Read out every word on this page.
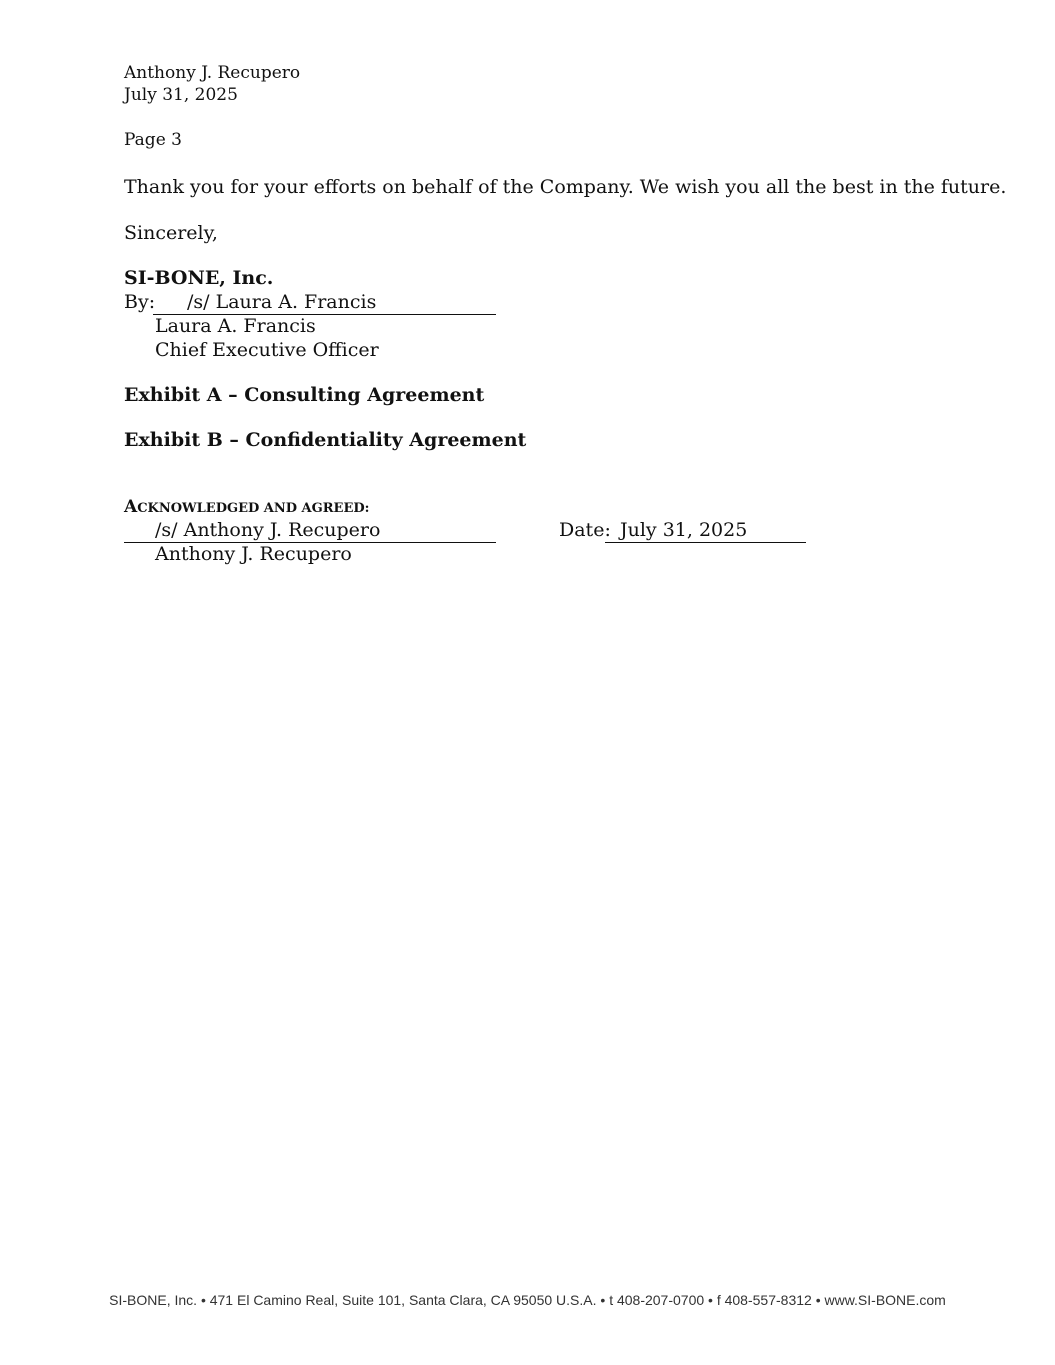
Anthony J. Recupero
July 31, 2025
Page 3
Thank you for your efforts on behalf of the Company. We wish you all the best in the future.
Sincerely,
SI-BONE, Inc.
By: /s/ Laura A. Francis
Laura A. Francis
Chief Executive Officer
Exhibit A – Consulting Agreement
Exhibit B – Confidentiality Agreement
ACKNOWLEDGED AND AGREED:
/s/ Anthony J. Recupero
Anthony J. Recupero
Date: July 31, 2025
SI-BONE, Inc. • 471 El Camino Real, Suite 101, Santa Clara, CA 95050 U.S.A. • t 408-207-0700 • f 408-557-8312 • www.SI-BONE.com
